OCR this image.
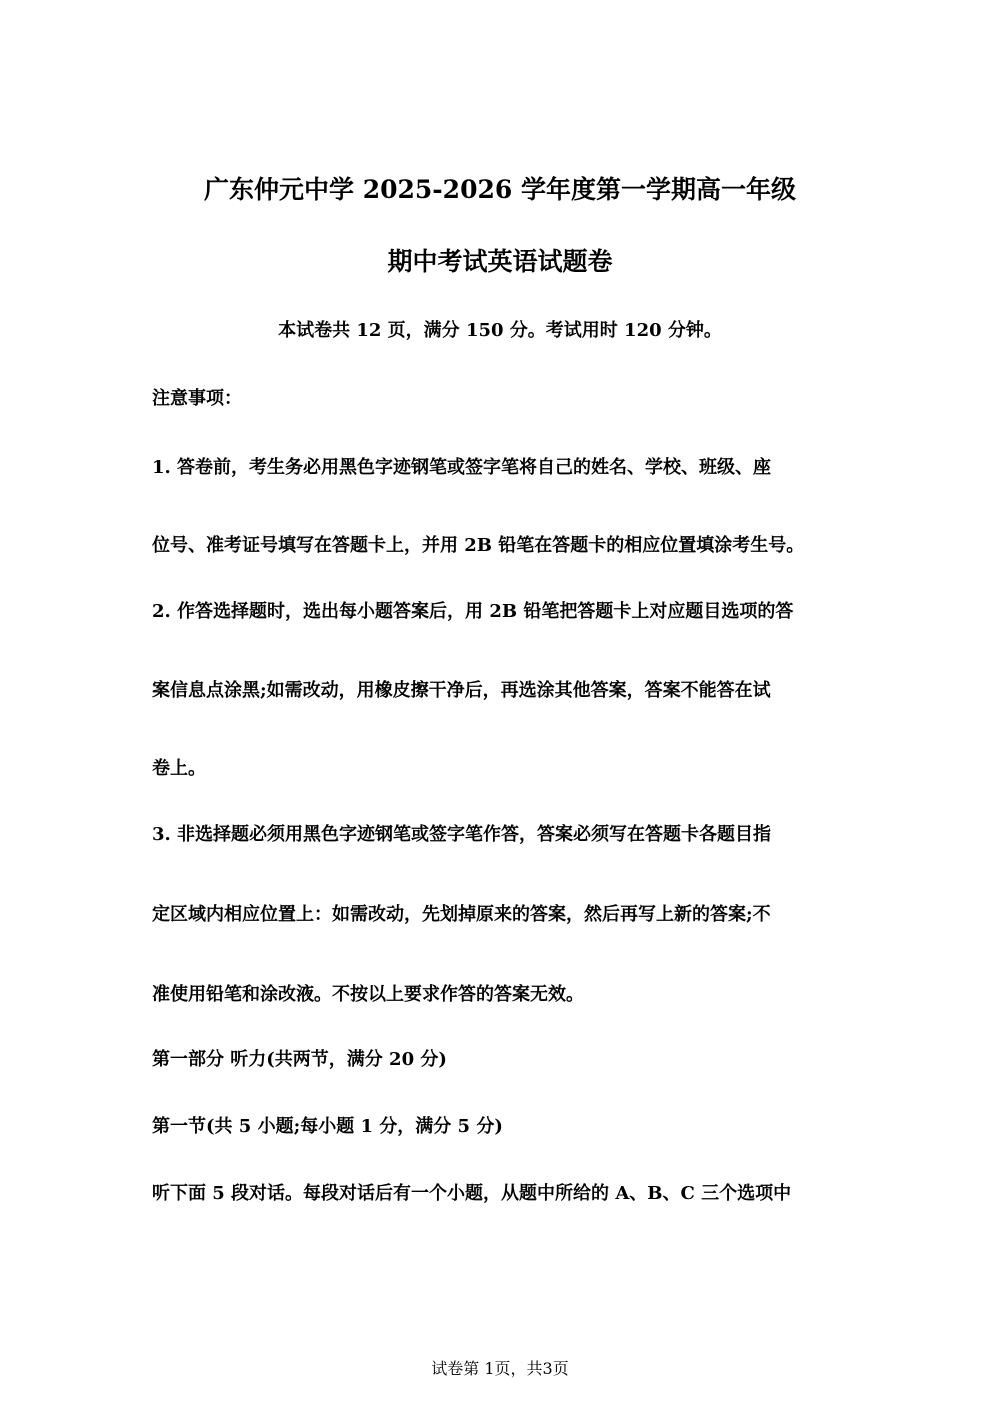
广东仲元中学 2025-2026 学年度第一学期高一年级
期中考试英语试题卷
本试卷共 12 页，满分 150 分。考试用时 120 分钟。
注意事项：
1. 答卷前，考生务必用黑色字迹钢笔或签字笔将自己的姓名、学校、班级、座
位号、准考证号填写在答题卡上，并用 2B 铅笔在答题卡的相应位置填涂考生号。
2. 作答选择题时，选出每小题答案后，用 2B 铅笔把答题卡上对应题目选项的答
案信息点涂黑;如需改动，用橡皮擦干净后，再选涂其他答案，答案不能答在试
卷上。
3. 非选择题必须用黑色字迹钢笔或签字笔作答，答案必须写在答题卡各题目指
定区域内相应位置上：如需改动，先划掉原来的答案，然后再写上新的答案;不
准使用铅笔和涂改液。不按以上要求作答的答案无效。
第一部分 听力(共两节，满分 20 分)
第一节(共 5 小题;每小题 1 分，满分 5 分)
听下面 5 段对话。每段对话后有一个小题，从题中所给的 A、B、C 三个选项中
试卷第 1页，共3页
